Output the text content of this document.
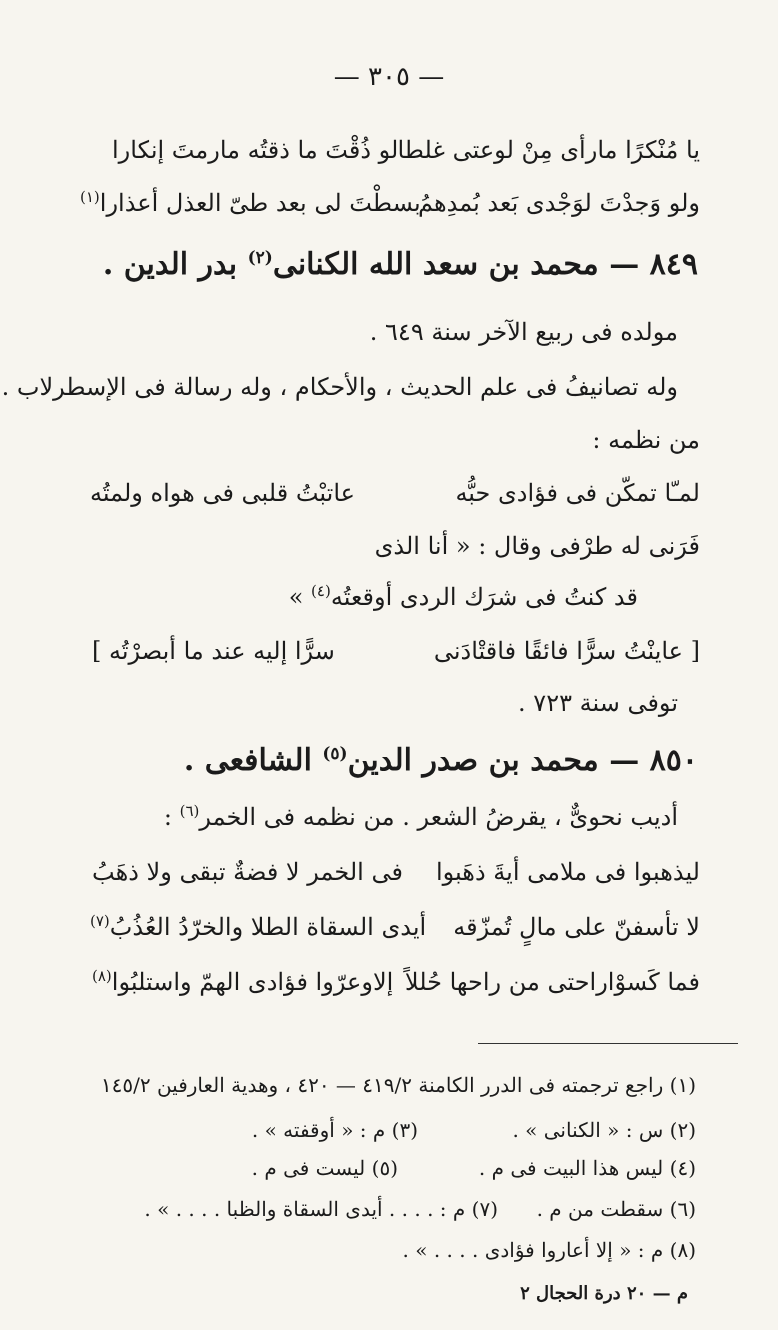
— ٣٠٥ —
يا مُنْكرًا مارأى مِنْ لوعتى غلطا
لو ذُقْتَ ما ذقتُه مارمتَ إنكارا
ولو وَجدْتَ لوَجْدى بَعد بُمدِهمُ
بسطْتَ لى بعد طىّ العذل أعذارا$^{(١)}$
٨٤٩ — محمد بن سعد الله الكنانى$^{(٢)}$ بدر الدين .
مولده فى ربيع الآخر سنة ٦٤٩ .
وله تصانيفُ فى علم الحديث ، والأحكام ، وله رسالة فى الإسطرلاب .
من نظمه :
لمـّا تمكّن فى فؤادى حبُّه
عاتبْتُ قلبى فى هواه ولمتُه
فَرَنى له طرْفى وقال : « أنا الذى
قد كنتُ فى شرَك الردى أوقعتُه$^{(٤)}$ »
[ عاينْتُ سرًّا فائقًا فاقتْادَنى
سرًّا إليه عند ما أبصرْتُه ]
توفى سنة ٧٢٣ .
٨٥٠ — محمد بن صدر الدين$^{(٥)}$ الشافعى .
أديب نحوىٌّ ، يقرضُ الشعر . من نظمه فى الخمر$^{(٦)}$ :
ليذهبوا فى ملامى أيةَ ذهَبوا
فى الخمر لا فضةٌ تبقى ولا ذهَبُ
لا تأسفنّ على مالٍ تُمزّقه
أيدى السقاة الطلا والخرّدُ العُذُبُ$^{(٧)}$
فما كَسوْاراحتى من راحها حُللاً
إلاوعرّوا فؤادى الهمّ واستلبُوا$^{(٨)}$
(١) راجع ترجمته فى الدرر الكامنة ٤١٩/٢ — ٤٢٠ ، وهدية العارفين ١٤٥/٢
(٢) س : « الكنانى » .
(٣) م : « أوقفته » .
(٤) ليس هذا البيت فى م .
(٥) ليست فى م .
(٦) سقطت من م .
(٧) م : . . . . أيدى السقاة والظبا . . . . » .
(٨) م : « إلا أعاروا فؤادى . . . . » .
م — ٢٠ درة الحجال ٢
